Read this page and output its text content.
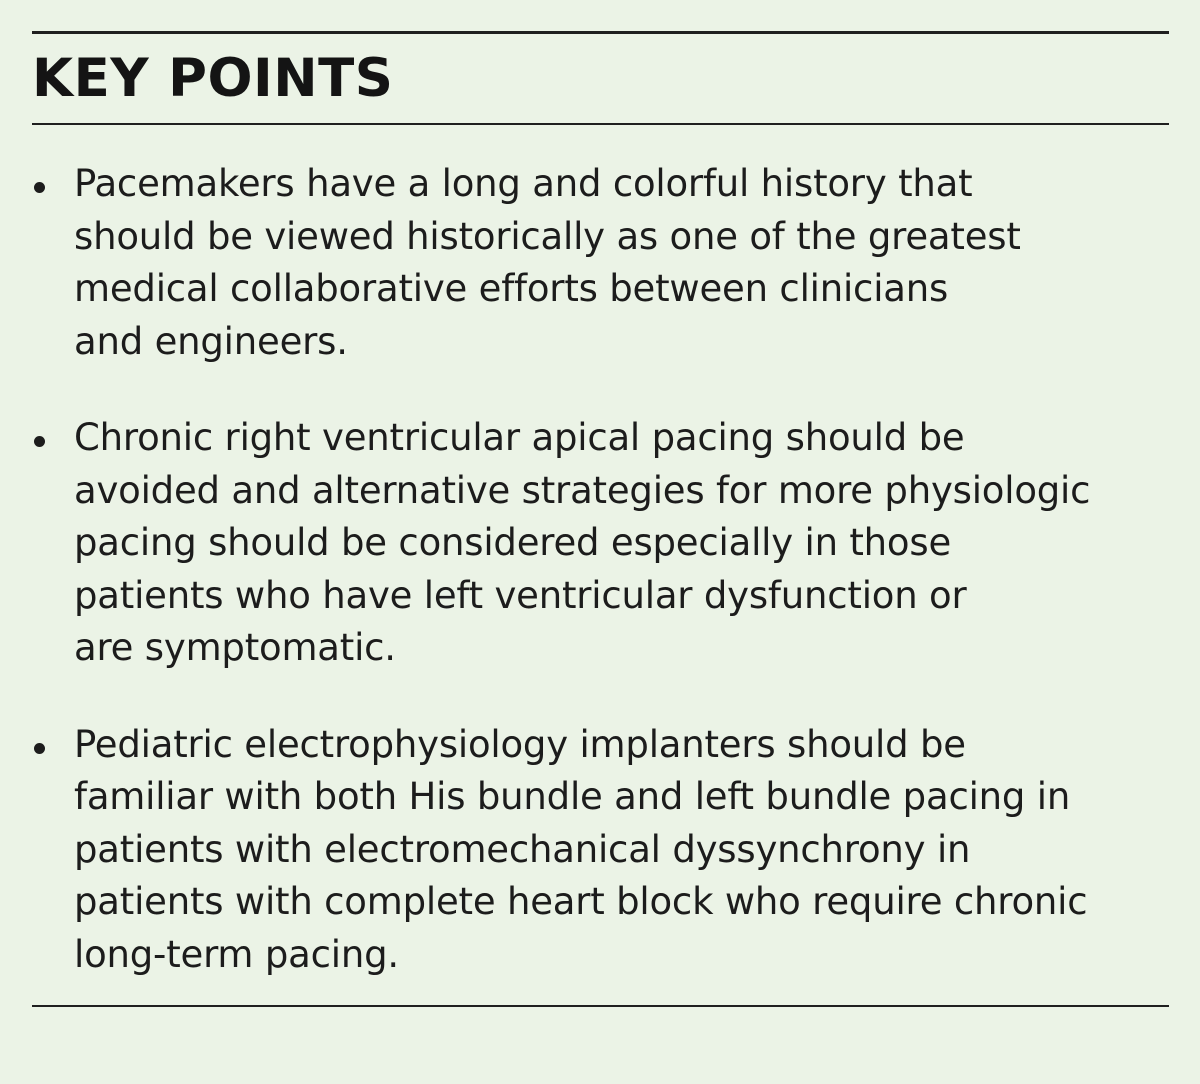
KEY POINTS
Pacemakers have a long and colorful history that
should be viewed historically as one of the greatest
medical collaborative efforts between clinicians
and engineers.
Chronic right ventricular apical pacing should be
avoided and alternative strategies for more physiologic
pacing should be considered especially in those
patients who have left ventricular dysfunction or
are symptomatic.
Pediatric electrophysiology implanters should be
familiar with both His bundle and left bundle pacing in
patients with electromechanical dyssynchrony in
patients with complete heart block who require chronic
long-term pacing.
